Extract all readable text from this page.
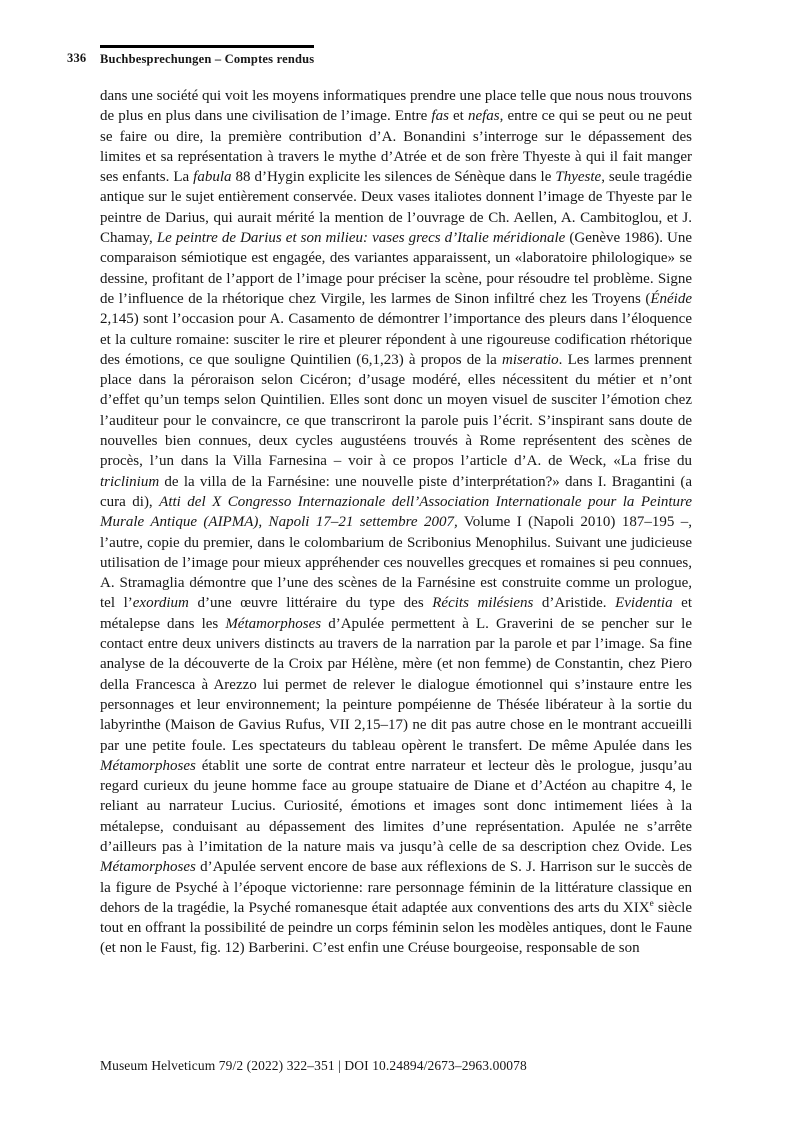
336 Buchbesprechungen – Comptes rendus

dans une société qui voit les moyens informatiques prendre une place telle que nous nous trouvons de plus en plus dans une civilisation de l’image. Entre fas et nefas, entre ce qui se peut ou ne peut se faire ou dire, la première contribution d’A. Bonandini s’interroge sur le dépassement des limites et sa représentation à travers le mythe d’Atrée et de son frère Thyeste à qui il fait manger ses enfants. La fabula 88 d’Hygin explicite les silences de Sénèque dans le Thyeste, seule tragédie antique sur le sujet entièrement conservée. Deux vases italiotes donnent l’image de Thyeste par le peintre de Darius, qui aurait mérité la mention de l’ouvrage de Ch. Aellen, A. Cambitoglou, et J. Chamay, Le peintre de Darius et son milieu: vases grecs d’Italie méridionale (Genève 1986). Une comparaison sémiotique est engagée, des variantes apparaissent, un «laboratoire philologique» se dessine, profitant de l’apport de l’image pour préciser la scène, pour résoudre tel problème. Signe de l’influence de la rhétorique chez Virgile, les larmes de Sinon infiltré chez les Troyens (Énéide 2,145) sont l’occasion pour A. Casamento de démontrer l’importance des pleurs dans l’éloquence et la culture romaine: susciter le rire et pleurer répondent à une rigoureuse codification rhétorique des émotions, ce que souligne Quintilien (6,1,23) à propos de la miseratio. Les larmes prennent place dans la péroraison selon Cicéron; d’usage modéré, elles nécessitent du métier et n’ont d’effet qu’un temps selon Quintilien. Elles sont donc un moyen visuel de susciter l’émotion chez l’auditeur pour le convaincre, ce que transcriront la parole puis l’écrit. S’inspirant sans doute de nouvelles bien connues, deux cycles augustéens trouvés à Rome représentent des scènes de procès, l’un dans la Villa Farnesina – voir à ce propos l’article d’A. de Weck, «La frise du triclinium de la villa de la Farnésine: une nouvelle piste d’interprétation?» dans I. Bragantini (a cura di), Atti del X Congresso Internazionale dell’Association Internationale pour la Peinture Murale Antique (AIPMA), Napoli 17–21 settembre 2007, Volume I (Napoli 2010) 187–195 –, l’autre, copie du premier, dans le colombarium de Scribonius Menophilus. Suivant une judicieuse utilisation de l’image pour mieux appréhender ces nouvelles grecques et romaines si peu connues, A. Stramaglia démontre que l’une des scènes de la Farnésine est construite comme un prologue, tel l’exordium d’une œuvre littéraire du type des Récits milésiens d’Aristide. Evidentia et métalepse dans les Métamorphoses d’Apulée permettent à L. Graverini de se pencher sur le contact entre deux univers distincts au travers de la narration par la parole et par l’image. Sa fine analyse de la découverte de la Croix par Hélène, mère (et non femme) de Constantin, chez Piero della Francesca à Arezzo lui permet de relever le dialogue émotionnel qui s’instaure entre les personnages et leur environnement; la peinture pompéienne de Thésée libérateur à la sortie du labyrinthe (Maison de Gavius Rufus, VII 2,15–17) ne dit pas autre chose en le montrant accueilli par une petite foule. Les spectateurs du tableau opèrent le transfert. De même Apulée dans les Métamorphoses établit une sorte de contrat entre narrateur et lecteur dès le prologue, jusqu’au regard curieux du jeune homme face au groupe statuaire de Diane et d’Actéon au chapitre 4, le reliant au narrateur Lucius. Curiosité, émotions et images sont donc intimement liées à la métalepse, conduisant au dépassement des limites d’une représentation. Apulée ne s’arrête d’ailleurs pas à l’imitation de la nature mais va jusqu’à celle de sa description chez Ovide. Les Métamorphoses d’Apulée servent encore de base aux réflexions de S. J. Harrison sur le succès de la figure de Psyché à l’époque victorienne: rare personnage féminin de la littérature classique en dehors de la tragédie, la Psyché romanesque était adaptée aux conventions des arts du XIXe siècle tout en offrant la possibilité de peindre un corps féminin selon les modèles antiques, dont le Faune (et non le Faust, fig. 12) Barberini. C’est enfin une Créuse bourgeoise, responsable de son

Museum Helveticum 79/2 (2022) 322–351 | DOI 10.24894/2673–2963.00078
